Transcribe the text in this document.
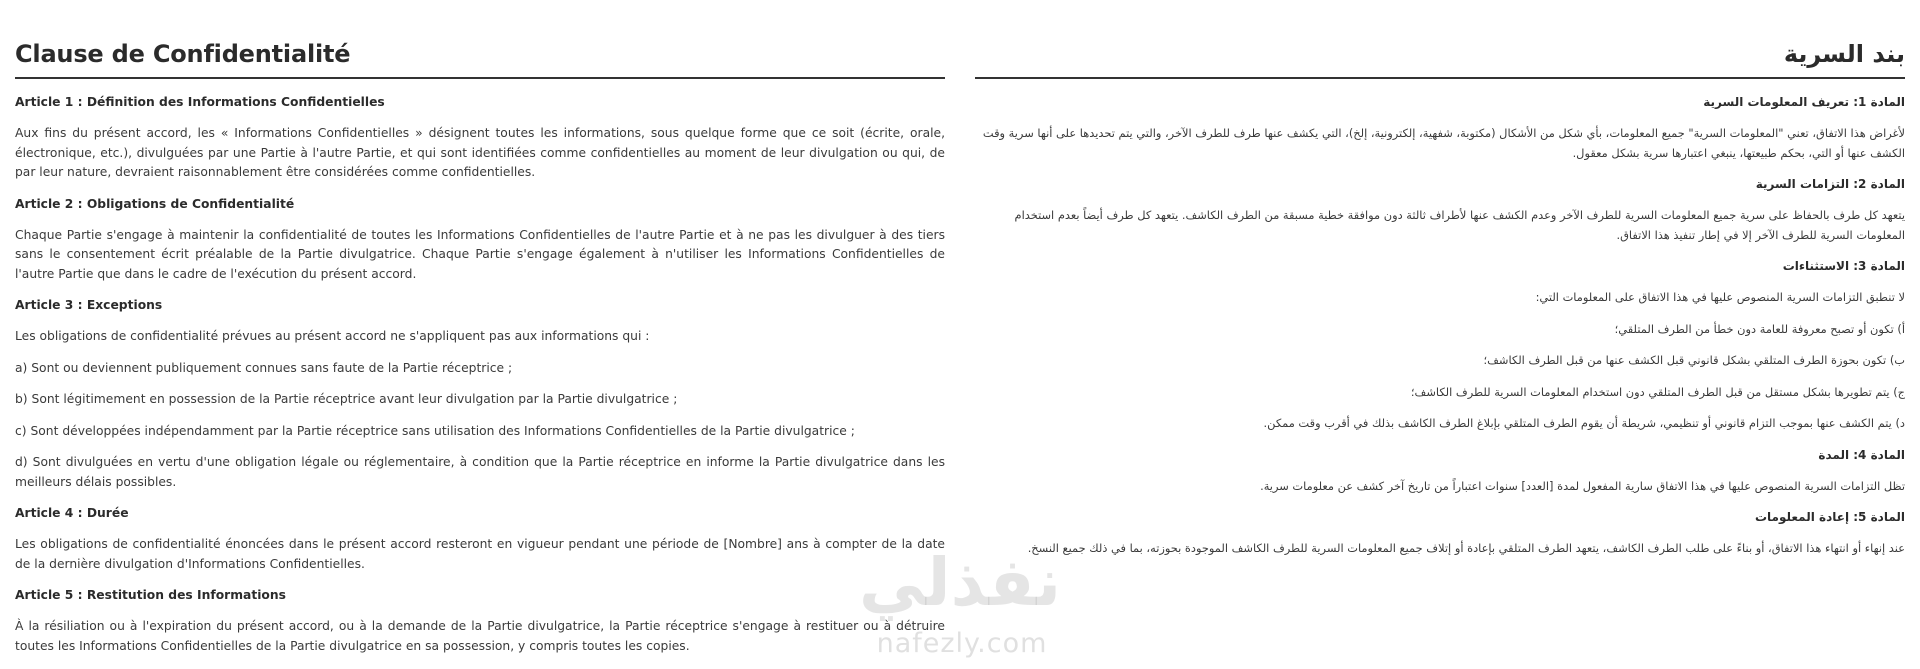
Clause de Confidentialité
Article 1 : Définition des Informations Confidentielles

Aux fins du présent accord, les « Informations Confidentielles » désignent toutes les informations, sous quelque forme que ce soit (écrite, orale, électronique, etc.), divulguées par une Partie à l'autre Partie, et qui sont identifiées comme confidentielles au moment de leur divulgation ou qui, de par leur nature, devraient raisonnablement être considérées comme confidentielles.

Article 2 : Obligations de Confidentialité

Chaque Partie s'engage à maintenir la confidentialité de toutes les Informations Confidentielles de l'autre Partie et à ne pas les divulguer à des tiers sans le consentement écrit préalable de la Partie divulgatrice. Chaque Partie s'engage également à n'utiliser les Informations Confidentielles de l'autre Partie que dans le cadre de l'exécution du présent accord.

Article 3 : Exceptions

Les obligations de confidentialité prévues au présent accord ne s'appliquent pas aux informations qui :

a) Sont ou deviennent publiquement connues sans faute de la Partie réceptrice ;

b) Sont légitimement en possession de la Partie réceptrice avant leur divulgation par la Partie divulgatrice ;

c) Sont développées indépendamment par la Partie réceptrice sans utilisation des Informations Confidentielles de la Partie divulgatrice ;

d) Sont divulguées en vertu d'une obligation légale ou réglementaire, à condition que la Partie réceptrice en informe la Partie divulgatrice dans les meilleurs délais possibles.

Article 4 : Durée

Les obligations de confidentialité énoncées dans le présent accord resteront en vigueur pendant une période de [Nombre] ans à compter de la date de la dernière divulgation d'Informations Confidentielles.

Article 5 : Restitution des Informations

À la résiliation ou à l'expiration du présent accord, ou à la demande de la Partie divulgatrice, la Partie réceptrice s'engage à restituer ou à détruire toutes les Informations Confidentielles de la Partie divulgatrice en sa possession, y compris toutes les copies.

بند السرية
المادة 1: تعريف المعلومات السرية

لأغراض هذا الاتفاق، تعني "المعلومات السرية" جميع المعلومات، بأي شكل من الأشكال (مكتوبة، شفهية، إلكترونية، إلخ)، التي يكشف عنها طرف للطرف الآخر، والتي يتم تحديدها على أنها سرية وقت الكشف عنها أو التي، بحكم طبيعتها، ينبغي اعتبارها سرية بشكل معقول.

المادة 2: التزامات السرية

يتعهد كل طرف بالحفاظ على سرية جميع المعلومات السرية للطرف الآخر وعدم الكشف عنها لأطراف ثالثة دون موافقة خطية مسبقة من الطرف الكاشف. يتعهد كل طرف أيضاً بعدم استخدام المعلومات السرية للطرف الآخر إلا في إطار تنفيذ هذا الاتفاق.

المادة 3: الاستثناءات

لا تنطبق التزامات السرية المنصوص عليها في هذا الاتفاق على المعلومات التي:

أ) تكون أو تصبح معروفة للعامة دون خطأ من الطرف المتلقي؛

ب) تكون بحوزة الطرف المتلقي بشكل قانوني قبل الكشف عنها من قبل الطرف الكاشف؛

ج) يتم تطويرها بشكل مستقل من قبل الطرف المتلقي دون استخدام المعلومات السرية للطرف الكاشف؛

د) يتم الكشف عنها بموجب التزام قانوني أو تنظيمي، شريطة أن يقوم الطرف المتلقي بإبلاغ الطرف الكاشف بذلك في أقرب وقت ممكن.

المادة 4: المدة

تظل التزامات السرية المنصوص عليها في هذا الاتفاق سارية المفعول لمدة [العدد] سنوات اعتباراً من تاريخ آخر كشف عن معلومات سرية.

المادة 5: إعادة المعلومات

عند إنهاء أو انتهاء هذا الاتفاق، أو بناءً على طلب الطرف الكاشف، يتعهد الطرف المتلقي بإعادة أو إتلاف جميع المعلومات السرية للطرف الكاشف الموجودة بحوزته، بما في ذلك جميع النسخ.

نفذلي
nafezly.com
